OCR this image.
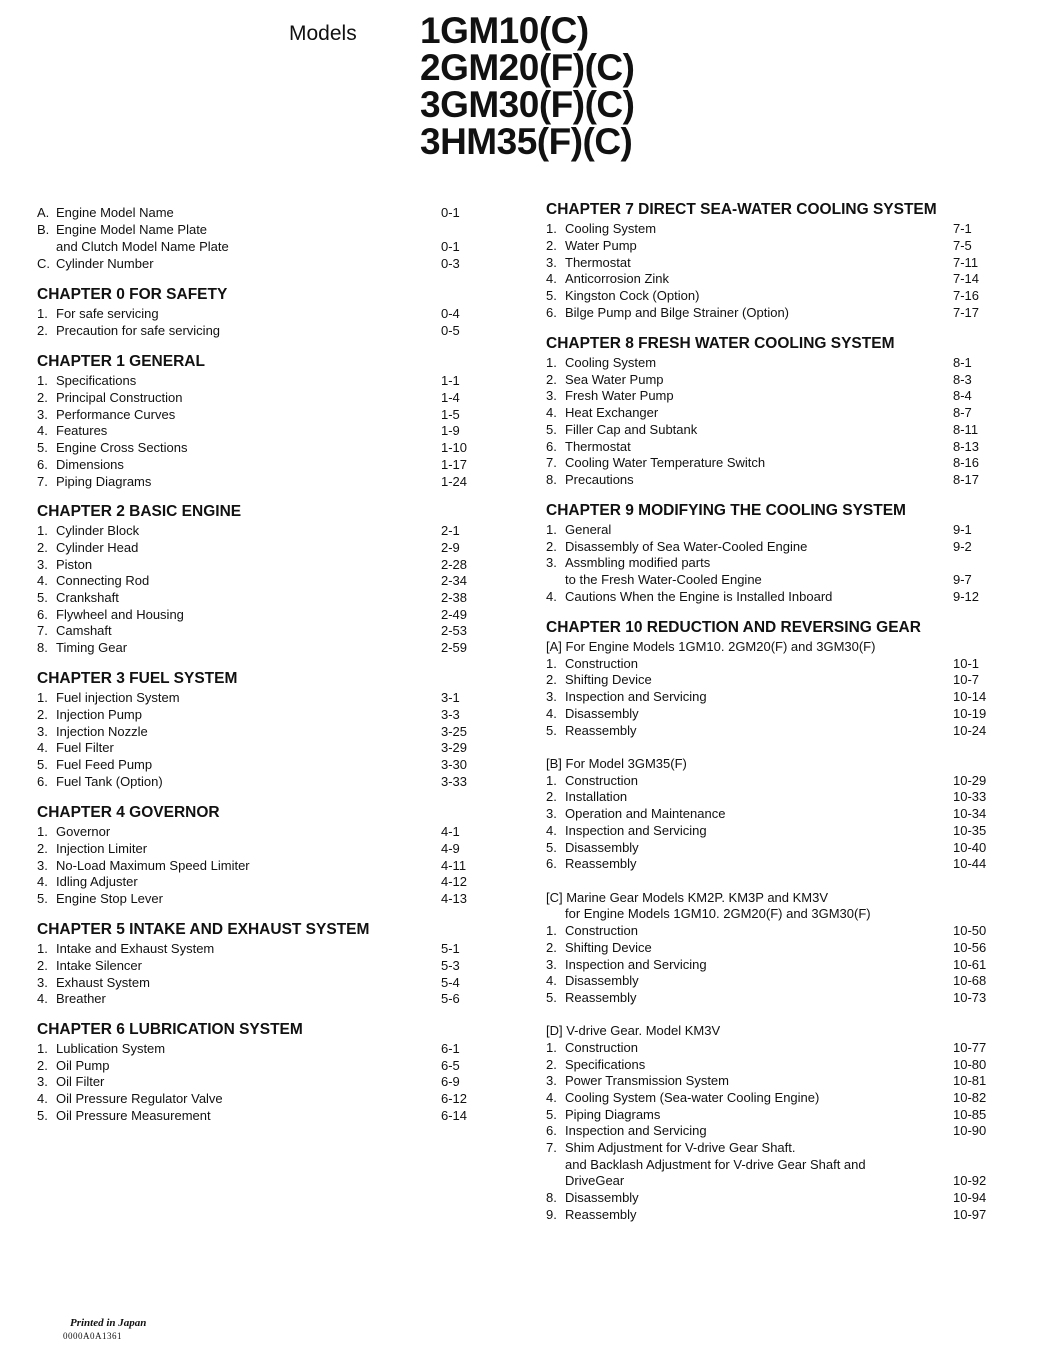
Models 1GM10(C)
2GM20(F)(C)
3GM30(F)(C)
3HM35(F)(C)
A. Engine Model Name	0-1
B. Engine Model Name Plate
and Clutch Model Name Plate	0-1
C. Cylinder Number	0-3
CHAPTER 0 FOR SAFETY
1. For safe servicing	0-4
2. Precaution for safe servicing	0-5
CHAPTER 1 GENERAL
1. Specifications	1-1
2. Principal Construction	1-4
3. Performance Curves	1-5
4. Features	1-9
5. Engine Cross Sections	1-10
6. Dimensions	1-17
7. Piping Diagrams	1-24
CHAPTER 2 BASIC ENGINE
1. Cylinder Block	2-1
2. Cylinder Head	2-9
3. Piston	2-28
4. Connecting Rod	2-34
5. Crankshaft	2-38
6. Flywheel and Housing	2-49
7. Camshaft	2-53
8. Timing Gear	2-59
CHAPTER 3 FUEL SYSTEM
1. Fuel injection System	3-1
2. Injection Pump	3-3
3. Injection Nozzle	3-25
4. Fuel Filter	3-29
5. Fuel Feed Pump	3-30
6. Fuel Tank (Option)	3-33
CHAPTER 4 GOVERNOR
1. Governor	4-1
2. Injection Limiter	4-9
3. No-Load Maximum Speed Limiter	4-11
4. Idling Adjuster	4-12
5. Engine Stop Lever	4-13
CHAPTER 5 INTAKE AND EXHAUST SYSTEM
1. Intake and Exhaust System	5-1
2. Intake Silencer	5-3
3. Exhaust System	5-4
4. Breather	5-6
CHAPTER 6 LUBRICATION SYSTEM
1. Lublication System	6-1
2. Oil Pump	6-5
3. Oil Filter	6-9
4. Oil Pressure Regulator Valve	6-12
5. Oil Pressure Measurement	6-14
CHAPTER 7 DIRECT SEA-WATER COOLING SYSTEM
1. Cooling System	7-1
2. Water Pump	7-5
3. Thermostat	7-11
4. Anticorrosion Zink	7-14
5. Kingston Cock (Option)	7-16
6. Bilge Pump and Bilge Strainer (Option)	7-17
CHAPTER 8 FRESH WATER COOLING SYSTEM
1. Cooling System	8-1
2. Sea Water Pump	8-3
3. Fresh Water Pump	8-4
4. Heat Exchanger	8-7
5. Filler Cap and Subtank	8-11
6. Thermostat	8-13
7. Cooling Water Temperature Switch	8-16
8. Precautions	8-17
CHAPTER 9 MODIFYING THE COOLING SYSTEM
1. General	9-1
2. Disassembly of Sea Water-Cooled Engine	9-2
3. Assmbling modified parts
to the Fresh Water-Cooled Engine	9-7
4. Cautions When the Engine is Installed Inboard	9-12
CHAPTER 10 REDUCTION AND REVERSING GEAR
[A] For Engine Models 1GM10. 2GM20(F) and 3GM30(F)
1. Construction	10-1
2. Shifting Device	10-7
3. Inspection and Servicing	10-14
4. Disassembly	10-19
5. Reassembly	10-24
[B] For Model 3GM35(F)
1. Construction	10-29
2. Installation	10-33
3. Operation and Maintenance	10-34
4. Inspection and Servicing	10-35
5. Disassembly	10-40
6. Reassembly	10-44
[C] Marine Gear Models KM2P. KM3P and KM3V
for Engine Models 1GM10. 2GM20(F) and 3GM30(F)
1. Construction	10-50
2. Shifting Device	10-56
3. Inspection and Servicing	10-61
4. Disassembly	10-68
5. Reassembly	10-73
[D] V-drive Gear. Model KM3V
1. Construction	10-77
2. Specifications	10-80
3. Power Transmission System	10-81
4. Cooling System (Sea-water Cooling Engine)	10-82
5. Piping Diagrams	10-85
6. Inspection and Servicing	10-90
7. Shim Adjustment for V-drive Gear Shaft.
and Backlash Adjustment for V-drive Gear Shaft and
DriveGear	10-92
8. Disassembly	10-94
9. Reassembly	10-97
Printed in Japan
0000A0A1361
